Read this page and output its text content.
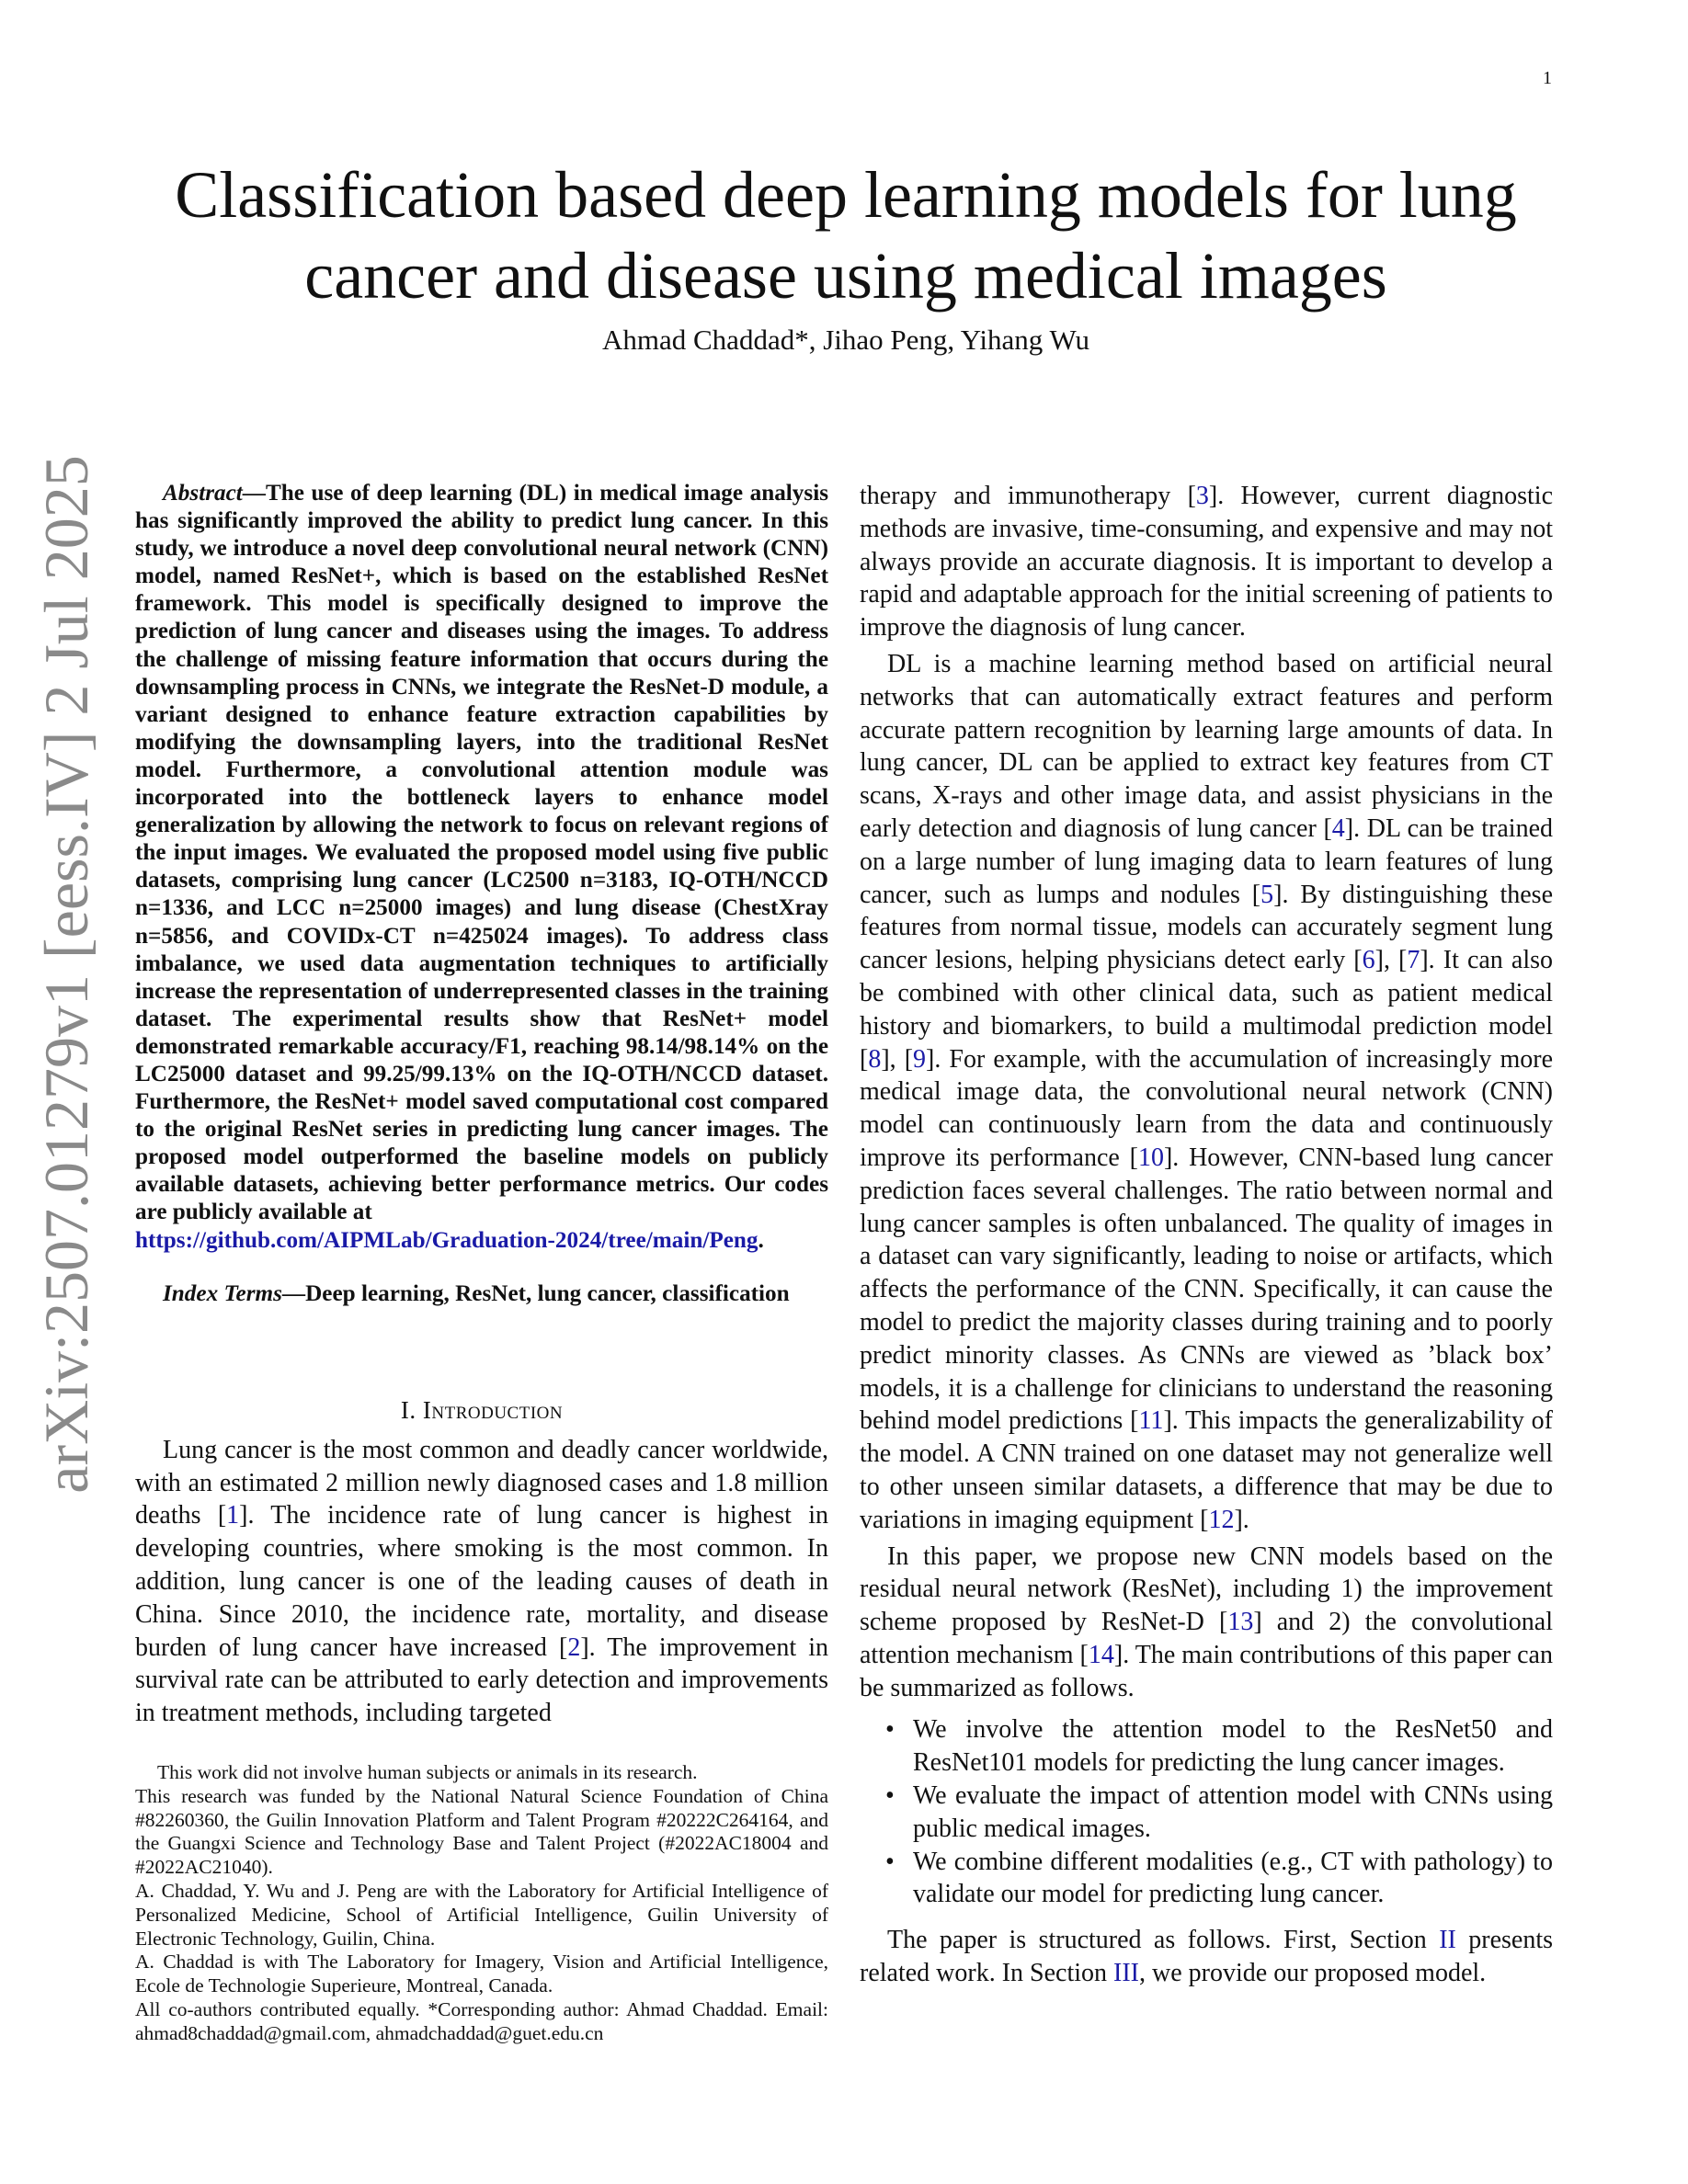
1
arXiv:2507.01279v1 [eess.IV] 2 Jul 2025
Classification based deep learning models for lung
cancer and disease using medical images
Ahmad Chaddad*, Jihao Peng, Yihang Wu

Abstract—The use of deep learning (DL) in medical image analysis has significantly improved the ability to predict lung cancer. In this study, we introduce a novel deep convolutional neural network (CNN) model, named ResNet+, which is based on the established ResNet framework. This model is specifically designed to improve the prediction of lung cancer and diseases using the images. To address the challenge of missing feature information that occurs during the downsampling process in CNNs, we integrate the ResNet-D module, a variant designed to enhance feature extraction capabilities by modifying the downsampling layers, into the traditional ResNet model. Furthermore, a convolutional attention module was incorporated into the bottleneck layers to enhance model generalization by allowing the network to focus on relevant regions of the input images. We evaluated the proposed model using five public datasets, comprising lung cancer (LC2500 n=3183, IQ-OTH/NCCD n=1336, and LCC n=25000 images) and lung disease (ChestXray n=5856, and COVIDx-CT n=425024 images). To address class imbalance, we used data augmentation techniques to artificially increase the representation of underrepresented classes in the training dataset. The experimental results show that ResNet+ model demonstrated remarkable accuracy/F1, reaching 98.14/98.14% on the LC25000 dataset and 99.25/99.13% on the IQ-OTH/NCCD dataset. Furthermore, the ResNet+ model saved computational cost compared to the original ResNet series in predicting lung cancer images. The proposed model outperformed the baseline models on publicly available datasets, achieving better performance metrics. Our codes are publicly available at
https://github.com/AIPMLab/Graduation-2024/tree/main/Peng.

Index Terms—Deep learning, ResNet, lung cancer, classification

I. Introduction

Lung cancer is the most common and deadly cancer worldwide, with an estimated 2 million newly diagnosed cases and 1.8 million deaths [1]. The incidence rate of lung cancer is highest in developing countries, where smoking is the most common. In addition, lung cancer is one of the leading causes of death in China. Since 2010, the incidence rate, mortality, and disease burden of lung cancer have increased [2]. The improvement in survival rate can be attributed to early detection and improvements in treatment methods, including targeted

This work did not involve human subjects or animals in its research.

This research was funded by the National Natural Science Foundation of China #82260360, the Guilin Innovation Platform and Talent Program #20222C264164, and the Guangxi Science and Technology Base and Talent Project (#2022AC18004 and #2022AC21040).

A. Chaddad, Y. Wu and J. Peng are with the Laboratory for Artificial Intelligence of Personalized Medicine, School of Artificial Intelligence, Guilin University of Electronic Technology, Guilin, China.

A. Chaddad is with The Laboratory for Imagery, Vision and Artificial Intelligence, Ecole de Technologie Superieure, Montreal, Canada.

All co-authors contributed equally. *Corresponding author: Ahmad Chaddad. Email: ahmad8chaddad@gmail.com, ahmadchaddad@guet.edu.cn

therapy and immunotherapy [3]. However, current diagnostic methods are invasive, time-consuming, and expensive and may not always provide an accurate diagnosis. It is important to develop a rapid and adaptable approach for the initial screening of patients to improve the diagnosis of lung cancer.

DL is a machine learning method based on artificial neural networks that can automatically extract features and perform accurate pattern recognition by learning large amounts of data. In lung cancer, DL can be applied to extract key features from CT scans, X-rays and other image data, and assist physicians in the early detection and diagnosis of lung cancer [4]. DL can be trained on a large number of lung imaging data to learn features of lung cancer, such as lumps and nodules [5]. By distinguishing these features from normal tissue, models can accurately segment lung cancer lesions, helping physicians detect early [6], [7]. It can also be combined with other clinical data, such as patient medical history and biomarkers, to build a multimodal prediction model [8], [9]. For example, with the accumulation of increasingly more medical image data, the convolutional neural network (CNN) model can continuously learn from the data and continuously improve its performance [10]. However, CNN-based lung cancer prediction faces several challenges. The ratio between normal and lung cancer samples is often unbalanced. The quality of images in a dataset can vary significantly, leading to noise or artifacts, which affects the performance of the CNN. Specifically, it can cause the model to predict the majority classes during training and to poorly predict minority classes. As CNNs are viewed as ’black box’ models, it is a challenge for clinicians to understand the reasoning behind model predictions [11]. This impacts the generalizability of the model. A CNN trained on one dataset may not generalize well to other unseen similar datasets, a difference that may be due to variations in imaging equipment [12].

In this paper, we propose new CNN models based on the residual neural network (ResNet), including 1) the improvement scheme proposed by ResNet-D [13] and 2) the convolutional attention mechanism [14]. The main contributions of this paper can be summarized as follows.

• We involve the attention model to the ResNet50 and ResNet101 models for predicting the lung cancer images.
• We evaluate the impact of attention model with CNNs using public medical images.
• We combine different modalities (e.g., CT with pathology) to validate our model for predicting lung cancer.

The paper is structured as follows. First, Section II presents related work. In Section III, we provide our proposed model.
